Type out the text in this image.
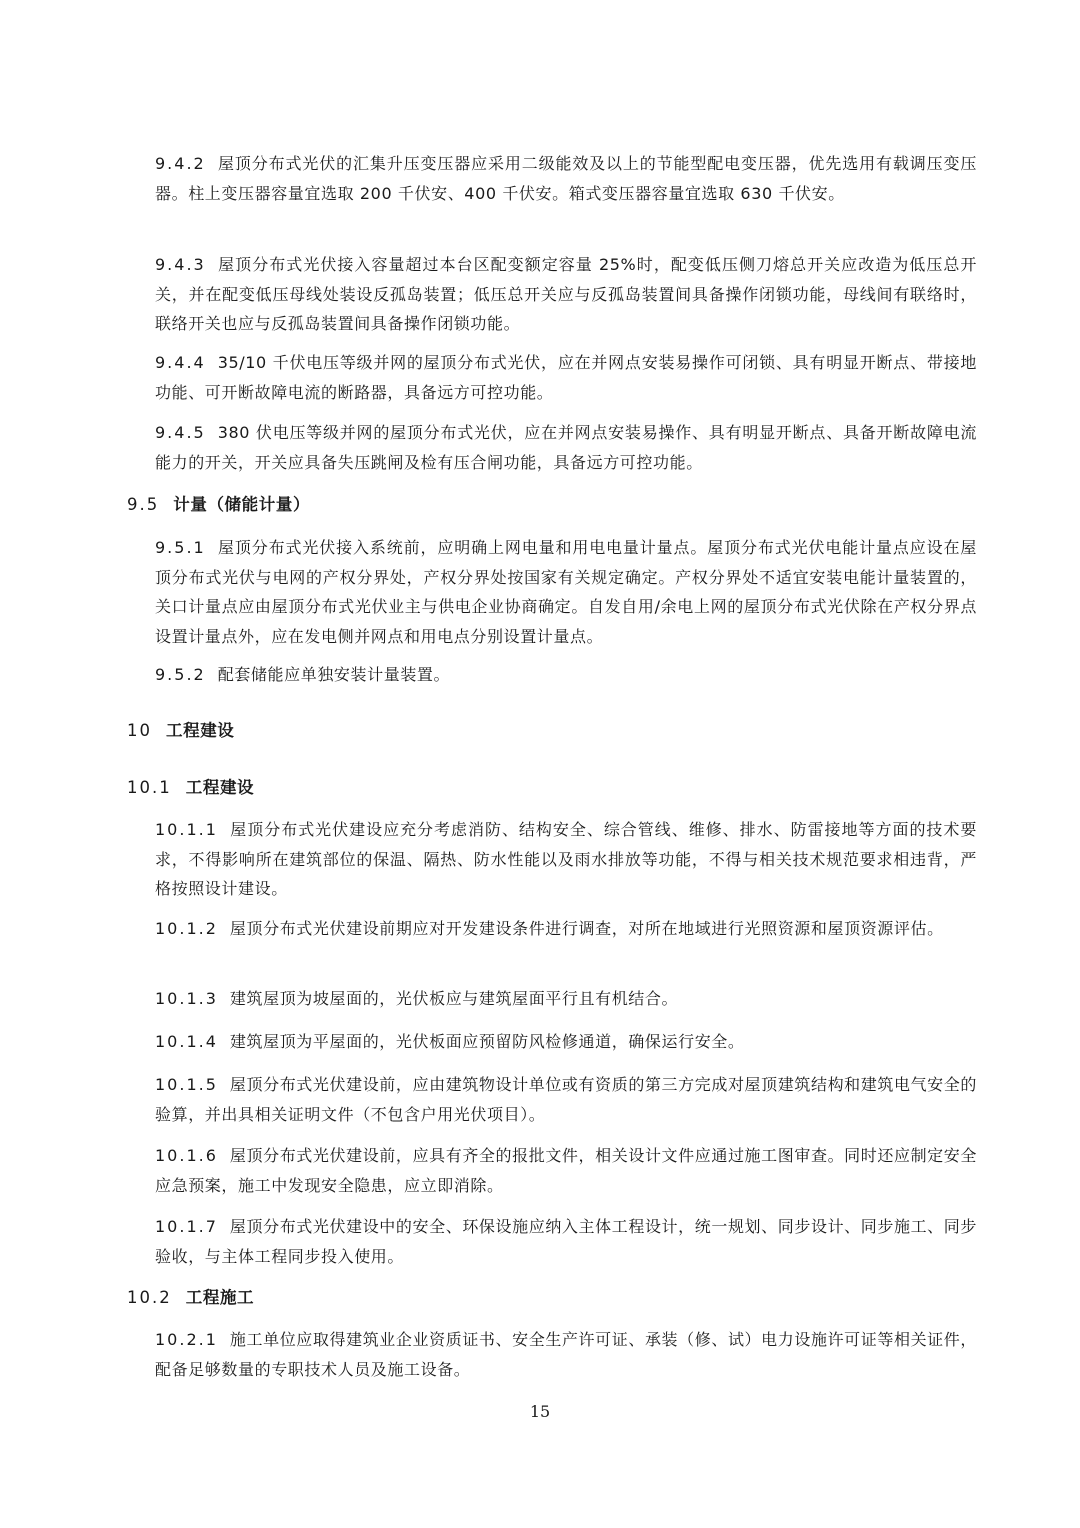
9.4.2 屋顶分布式光伏的汇集升压变压器应采用二级能效及以上的节能型配电变压器，优先选用有载调压变压器。柱上变压器容量宜选取 200 千伏安、400 千伏安。箱式变压器容量宜选取 630 千伏安。

9.4.3 屋顶分布式光伏接入容量超过本台区配变额定容量 25%时，配变低压侧刀熔总开关应改造为低压总开关，并在配变低压母线处装设反孤岛装置；低压总开关应与反孤岛装置间具备操作闭锁功能，母线间有联络时，联络开关也应与反孤岛装置间具备操作闭锁功能。

9.4.4 35/10 千伏电压等级并网的屋顶分布式光伏，应在并网点安装易操作可闭锁、具有明显开断点、带接地功能、可开断故障电流的断路器，具备远方可控功能。

9.4.5 380 伏电压等级并网的屋顶分布式光伏，应在并网点安装易操作、具有明显开断点、具备开断故障电流能力的开关，开关应具备失压跳闸及检有压合闸功能，具备远方可控功能。

9.5 计量（储能计量）

9.5.1 屋顶分布式光伏接入系统前，应明确上网电量和用电电量计量点。屋顶分布式光伏电能计量点应设在屋顶分布式光伏与电网的产权分界处，产权分界处按国家有关规定确定。产权分界处不适宜安装电能计量装置的，关口计量点应由屋顶分布式光伏业主与供电企业协商确定。自发自用/余电上网的屋顶分布式光伏除在产权分界点设置计量点外，应在发电侧并网点和用电点分别设置计量点。

9.5.2 配套储能应单独安装计量装置。

10 工程建设

10.1 工程建设

10.1.1 屋顶分布式光伏建设应充分考虑消防、结构安全、综合管线、维修、排水、防雷接地等方面的技术要求，不得影响所在建筑部位的保温、隔热、防水性能以及雨水排放等功能，不得与相关技术规范要求相违背，严格按照设计建设。

10.1.2 屋顶分布式光伏建设前期应对开发建设条件进行调查，对所在地域进行光照资源和屋顶资源评估。

10.1.3 建筑屋顶为坡屋面的，光伏板应与建筑屋面平行且有机结合。

10.1.4 建筑屋顶为平屋面的，光伏板面应预留防风检修通道，确保运行安全。

10.1.5 屋顶分布式光伏建设前，应由建筑物设计单位或有资质的第三方完成对屋顶建筑结构和建筑电气安全的验算，并出具相关证明文件（不包含户用光伏项目）。

10.1.6 屋顶分布式光伏建设前，应具有齐全的报批文件，相关设计文件应通过施工图审查。同时还应制定安全应急预案，施工中发现安全隐患，应立即消除。

10.1.7 屋顶分布式光伏建设中的安全、环保设施应纳入主体工程设计，统一规划、同步设计、同步施工、同步验收，与主体工程同步投入使用。

10.2 工程施工

10.2.1 施工单位应取得建筑业企业资质证书、安全生产许可证、承装（修、试）电力设施许可证等相关证件，配备足够数量的专职技术人员及施工设备。

15
